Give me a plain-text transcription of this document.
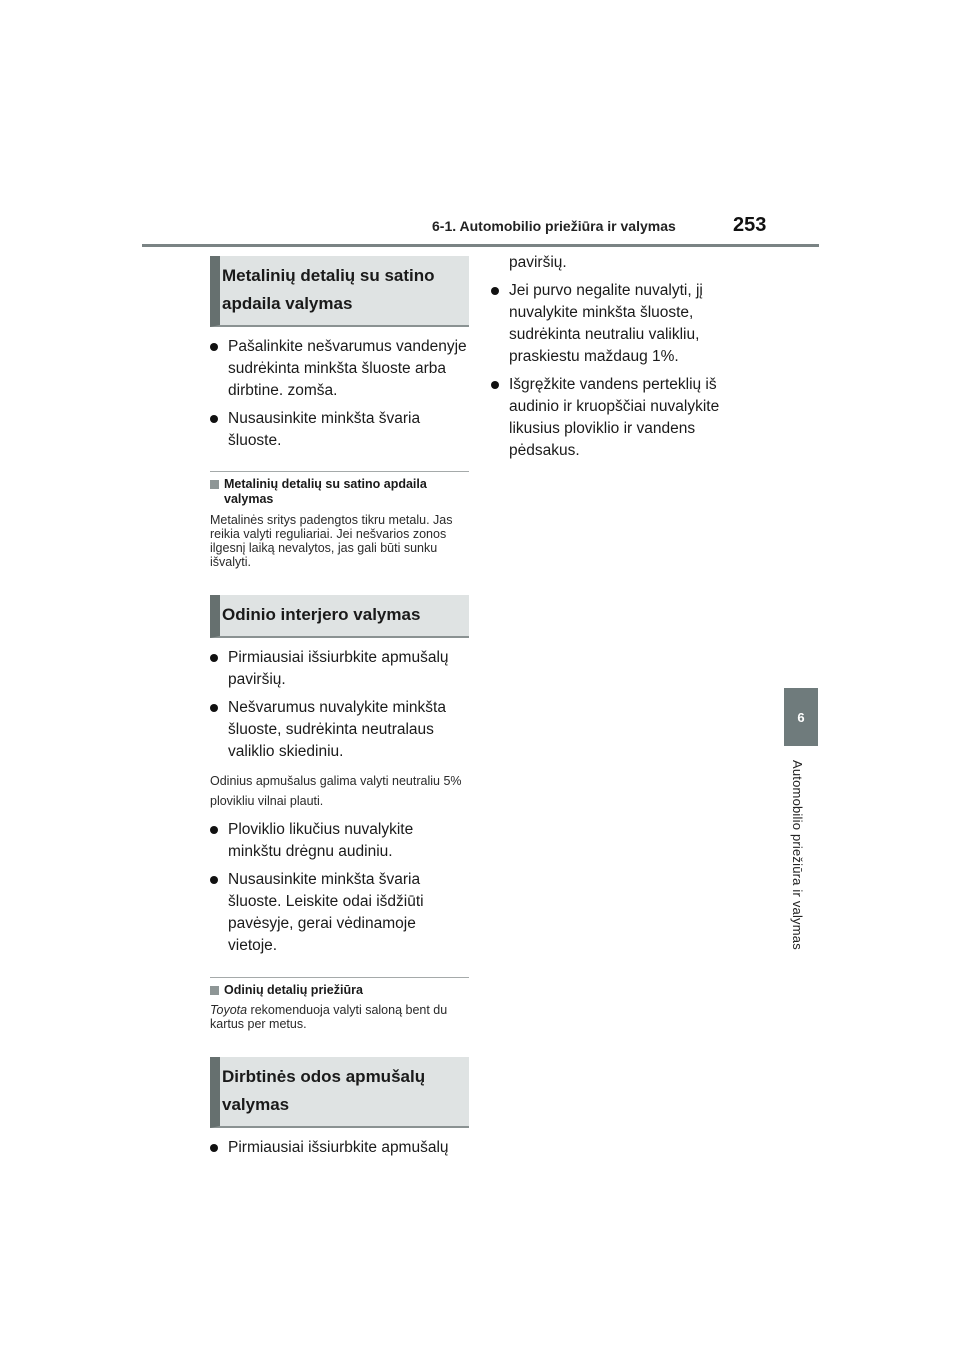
6-1. Automobilio priežiūra ir valymas	253
6
Automobilio priežiūra ir valymas
Metalinių detalių su satino apdaila valymas

Pašalinkite nešvarumus vandenyje sudrėkinta minkšta šluoste arba dirbtine. zomša.

Nusausinkite minkšta švaria šluoste.

Metalinių detalių su satino apdaila valymas
Metalinės sritys padengtos tikru metalu. Jas reikia valyti reguliariai. Jei nešvarios zonos ilgesnį laiką nevalytos, jas gali būti sunku išvalyti.
Odinio interjero valymas

Pirmiausiai išsiurbkite apmušalų paviršių.

Nešvarumus nuvalykite minkšta šluoste, sudrėkinta neutralaus valiklio skiediniu.

Odinius apmušalus galima valyti neutraliu 5% plovikliu vilnai plauti.

Ploviklio likučius nuvalykite minkštu drėgnu audiniu.

Nusausinkite minkšta švaria šluoste. Leiskite odai išdžiūti pavėsyje, gerai vėdinamoje vietoje.

Odinių detalių priežiūra
Toyota rekomenduoja valyti saloną bent du kartus per metus.
Dirbtinės odos apmušalų valymas

Pirmiausiai išsiurbkite apmušalų

paviršių.

Jei purvo negalite nuvalyti, jį nuvalykite minkšta šluoste, sudrėkinta neutraliu valikliu, praskiestu maždaug 1%.

Išgręžkite vandens perteklių iš audinio ir kruopščiai nuvalykite likusius ploviklio ir vandens pėdsakus.
